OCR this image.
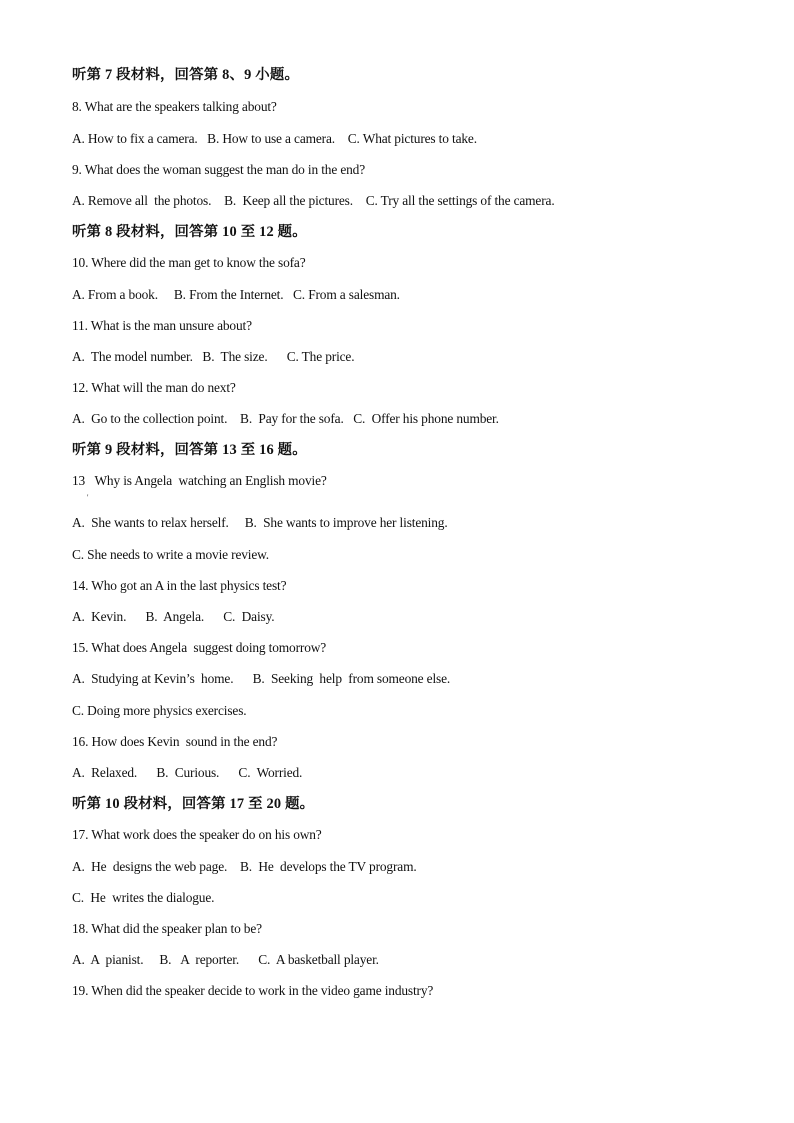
听第 7 段材料，回答第 8、9 小题。
8. What are the speakers talking about?
A. How to fix a camera.   B. How to use a camera.    C. What pictures to take.
9. What does the woman suggest the man do in the end?
A. Remove all  the photos.    B.  Keep all the pictures.    C. Try all the settings of the camera.
听第 8 段材料，回答第 10 至 12 题。
10. Where did the man get to know the sofa?
A. From a book.     B. From the Internet.   C. From a salesman.
11. What is the man unsure about?
A.  The model number.   B.  The size.      C. The price.
12. What will the man do next?
A.  Go to the collection point.    B.  Pay for the sofa.   C.  Offer his phone number.
听第 9 段材料，回答第 13 至 16 题。
13   Why is Angela  watching an English movie?
'
A.  She wants to relax herself.     B.  She wants to improve her listening.
C. She needs to write a movie review.
14. Who got an A in the last physics test?
A.  Kevin.      B.  Angela.      C.  Daisy.
15. What does Angela  suggest doing tomorrow?
A.  Studying at Kevin’s  home.      B.  Seeking  help  from someone else.
C. Doing more physics exercises.
16. How does Kevin  sound in the end?
A.  Relaxed.      B.  Curious.      C.  Worried.
听第 10 段材料，回答第 17 至 20 题。
17. What work does the speaker do on his own?
A.  He  designs the web page.    B.  He  develops the TV program.
C.  He  writes the dialogue.
18. What did the speaker plan to be?
A.  A  pianist.     B.   A  reporter.      C.  A basketball player.
19. When did the speaker decide to work in the video game industry?
